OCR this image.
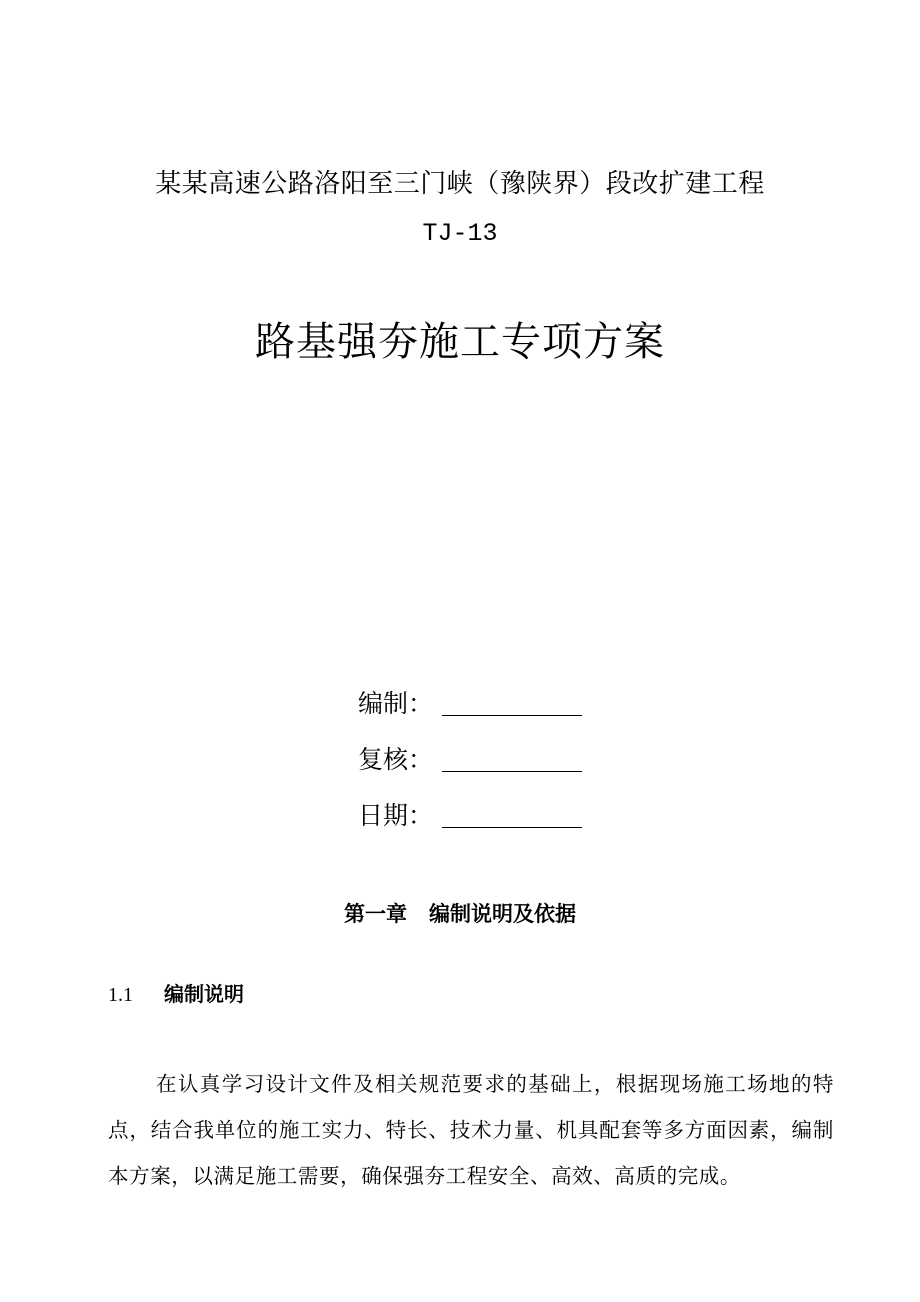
某某高速公路洛阳至三门峡（豫陕界）段改扩建工程
TJ-13
路基强夯施工专项方案
编制：
复核：
日期：
第一章 编制说明及依据
1.1 编制说明

在认真学习设计文件及相关规范要求的基础上，根据现场施工场地的特点，结合我单位的施工实力、特长、技术力量、机具配套等多方面因素，编制本方案，以满足施工需要，确保强夯工程安全、高效、高质的完成。
